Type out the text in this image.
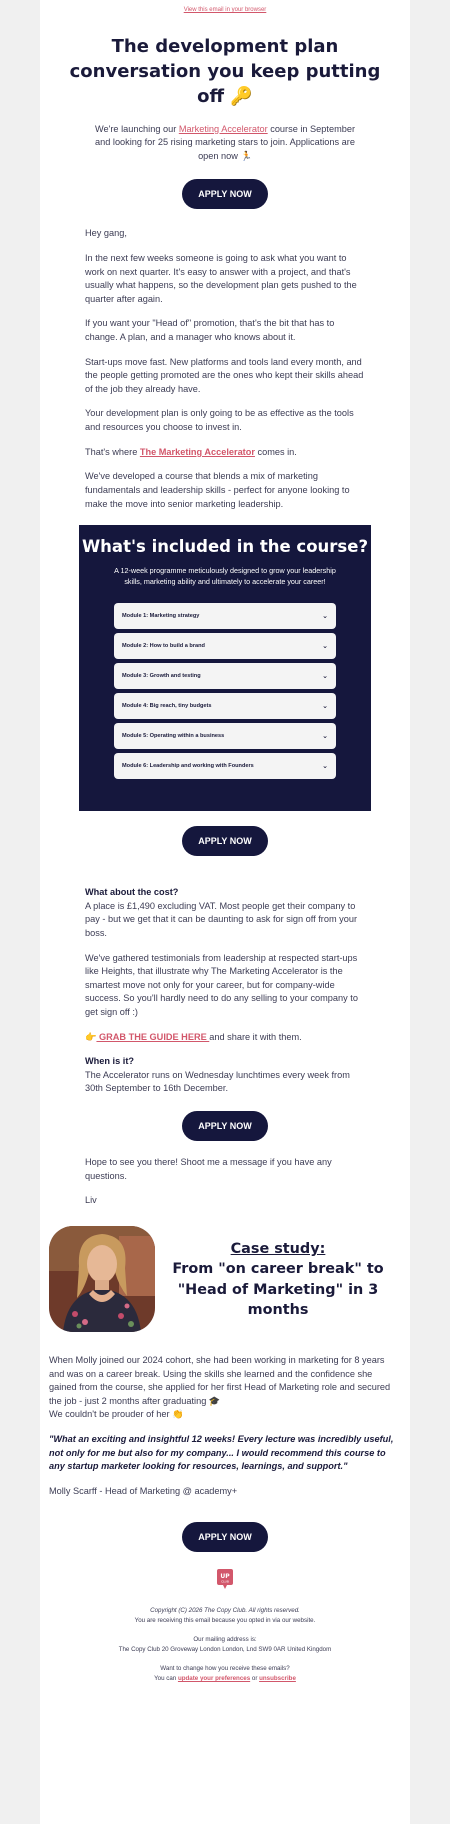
View this email in your browser
The development plan conversation you keep putting off 🔑

We're launching our Marketing Accelerator course in September and looking for 25 rising marketing stars to join. Applications are open now 🏃

APPLY NOW

Hey gang,

In the next few weeks someone is going to ask what you want to work on next quarter. It's easy to answer with a project, and that's usually what happens, so the development plan gets pushed to the quarter after again.

If you want your "Head of" promotion, that's the bit that has to change. A plan, and a manager who knows about it.

Start-ups move fast. New platforms and tools land every month, and the people getting promoted are the ones who kept their skills ahead of the job they already have.

Your development plan is only going to be as effective as the tools and resources you choose to invest in.

That's where The Marketing Accelerator comes in.

We've developed a course that blends a mix of marketing fundamentals and leadership skills - perfect for anyone looking to make the move into senior marketing leadership.

What's included in the course?

A 12-week programme meticulously designed to grow your leadership skills, marketing ability and ultimately to accelerate your career!

Module 1: Marketing strategy	⌄
Module 2: How to build a brand	⌄
Module 3: Growth and testing	⌄
Module 4: Big reach, tiny budgets	⌄
Module 5: Operating within a business	⌄
Module 6: Leadership and working with Founders	⌄
APPLY NOW

What about the cost?
A place is £1,490 excluding VAT. Most people get their company to pay - but we get that it can be daunting to ask for sign off from your boss.

We've gathered testimonials from leadership at respected start-ups like Heights, that illustrate why The Marketing Accelerator is the smartest move not only for your career, but for company-wide success. So you'll hardly need to do any selling to your company to get sign off :)

👉 GRAB THE GUIDE HERE and share it with them.

When is it?
The Accelerator runs on Wednesday lunchtimes every week from 30th September to 16th December.

APPLY NOW

Hope to see you there! Shoot me a message if you have any questions.

Liv

Case study:
From "on career break" to "Head of Marketing" in 3 months

When Molly joined our 2024 cohort, she had been working in marketing for 8 years and was on a career break. Using the skills she learned and the confidence she gained from the course, she applied for her first Head of Marketing role and secured the job - just 2 months after graduating 🎓
We couldn't be prouder of her 👏

"What an exciting and insightful 12 weeks! Every lecture was incredibly useful, not only for me but also for my company... I would recommend this course to any startup marketer looking for resources, learnings, and support."

Molly Scarff - Head of Marketing @ academy+

APPLY NOW
UP
CLUB

Copyright (C) 2026 The Copy Club. All rights reserved.

You are receiving this email because you opted in via our website.

Our mailing address is:

The Copy Club 20 Groveway London London, Lnd SW9 0AR United Kingdom

Want to change how you receive these emails?

You can update your preferences or unsubscribe
